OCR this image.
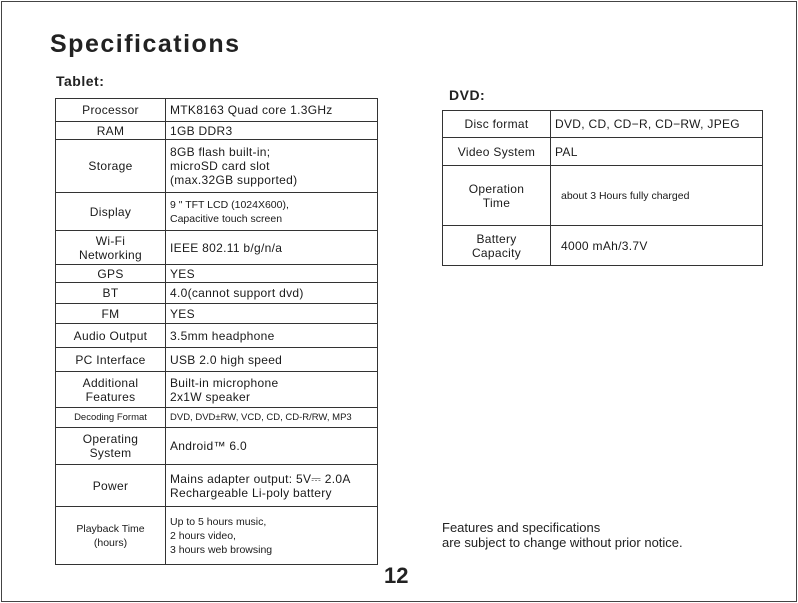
Specifications
Tablet:
Processor	MTK8163 Quad core 1.3GHz
RAM	1GB DDR3
Storage	8GB flash built-in;
microSD card slot
(max.32GB supported)
Display	9 " TFT LCD (1024X600),
Capacitive touch screen
Wi-Fi
Networking	IEEE 802.11 b/g/n/a
GPS	YES
BT	4.0(cannot support dvd)
FM	YES
Audio Output	3.5mm headphone
PC Interface	USB 2.0 high speed
Additional
Features	Built-in microphone
2x1W speaker
Decoding Format	DVD, DVD±RW, VCD, CD, CD-R/RW, MP3
Operating
System	Android™ 6.0
Power	Mains adapter output: 5V⎓ 2.0A
Rechargeable Li-poly battery
Playback Time
(hours)	Up to 5 hours music,
2 hours video,
3 hours web browsing
DVD:
Disc format	DVD, CD, CD−R, CD−RW, JPEG
Video System	PAL
Operation
Time	about 3 Hours fully charged
Battery
Capacity	4000 mAh/3.7V
Features and specifications
are subject to change without prior notice.
12
